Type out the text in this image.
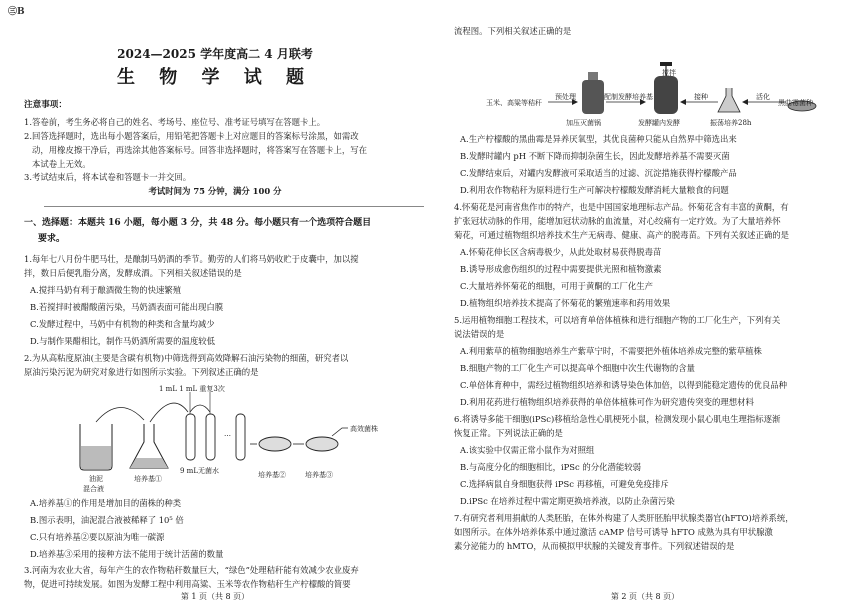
㊂B
2024—2025 学年度高二 4 月联考
生 物 学 试 题
注意事项：
1.答卷前，考生务必将自己的姓名、考场号、座位号、准考证号填写在答题卡上。
2.回答选择题时，选出每小题答案后，用铅笔把答题卡上对应题目的答案标号涂黑，如需改
动，用橡皮擦干净后，再选涂其他答案标号。回答非选择题时，将答案写在答题卡上，写在
本试卷上无效。
3.考试结束后，将本试卷和答题卡一并交回。
考试时间为 75 分钟，满分 100 分
一、选择题：本题共 16 小题，每小题 3 分，共 48 分。每小题只有一个选项符合题目
要求。
1.每年七八月份牛肥马壮，是酿制马奶酒的季节。勤劳的人们将马奶收贮于皮囊中，加以搅
拌，数日后便乳脂分离，发酵成酒。下列相关叙述错误的是
A.搅拌马奶有利于酿酒微生物的快速繁殖
B.若搅拌时被醋酸菌污染，马奶酒表面可能出现白膜
C.发酵过程中，马奶中有机物的种类和含量均减少
D.与制作果醋相比，制作马奶酒所需要的温度较低
2.为从高粘度原油(主要是含碳有机物)中筛选得到高效降解石油污染物的细菌，研究者以
原油污染污泥为研究对象进行如图所示实验。下列叙述正确的是
1 mL 1 mL 重复3次
…
油泥
混合液
培养基①
9 mL无菌水	培养基②	培养基③
高效菌株
A.培养基①的作用是增加目的菌株的种类
B.图示表明，油泥混合液被稀释了 10⁵ 倍
C.只有培养基②要以原油为唯一碳源
D.培养基③采用的接种方法不能用于统计活菌的数量
3.河南为农业大省，每年产生的农作物秸秆数量巨大，“绿色”处理秸秆能有效减少农业废弃
物，促进可持续发展。如图为发酵工程中利用高粱、玉米等农作物秸秆生产柠檬酸的简要
流程图。下列相关叙述正确的是
玉米、高粱等秸秆
预处理	配制发酵培养基
搅拌
接种	活化
黑曲霉菌种
加压灭菌锅	发酵罐内发酵	振荡培养28h
A.生产柠檬酸的黑曲霉是异养厌氧型，其优良菌种只能从自然界中筛选出来
B.发酵时罐内 pH 不断下降而抑制杂菌生长，因此发酵培养基不需要灭菌
C.发酵结束后，对罐内发酵液可采取适当的过滤、沉淀措施获得柠檬酸产品
D.利用农作物秸秆为原料进行生产可解决柠檬酸发酵消耗大量粮食的问题
4.怀菊花是河南省焦作市的特产，也是中国国家地理标志产品。怀菊花含有丰富的黄酮，有
扩张冠状动脉的作用，能增加冠状动脉的血流量，对心绞痛有一定疗效。为了大量培养怀
菊花，可通过植物组织培养技术生产无病毒、健康、高产的脱毒苗。下列有关叙述正确的是
A.怀菊花伸长区含病毒极少，从此处取材易获得脱毒苗
B.诱导形成愈伤组织的过程中需要提供光照和植物激素
C.大量培养怀菊花的细胞，可用于黄酮的工厂化生产
D.植物组织培养技术提高了怀菊花的繁殖速率和药用效果
5.运用植物细胞工程技术，可以培育单倍体植株和进行细胞产物的工厂化生产，下列有关
说法错误的是
A.利用紫草的植物细胞培养生产紫草宁时，不需要把外植体培养成完整的紫草植株
B.细胞产物的工厂化生产可以提高单个细胞中次生代谢物的含量
C.单倍体育种中，需经过植物组织培养和诱导染色体加倍，以得到能稳定遗传的优良品种
D.利用花药进行植物组织培养获得的单倍体植株可作为研究遗传突变的理想材料
6.将诱导多能干细胞(iPSc)移植给急性心肌梗死小鼠，检测发现小鼠心肌电生理指标逐渐
恢复正常。下列说法正确的是
A.该实验中仅需正常小鼠作为对照组
B.与高度分化的细胞相比，iPSc 的分化潜能较弱
C.选择病鼠自身细胞获得 iPSc 再移植，可避免免疫排斥
D.iPSc 在培养过程中需定期更换培养液，以防止杂菌污染
7.有研究者利用捐献的人类胚胎，在体外构建了人类肝胚胎甲状腺类器官(hFTO)培养系统，
如图所示。在体外培养体系中通过激活 cAMP 信号可诱导 hFTO 成熟为具有甲状腺激
素分泌能力的 hMTO，从而模拟甲状腺的关键发育事件。下列叙述错误的是
第 1 页（共 8 页）	第 2 页（共 8 页）
